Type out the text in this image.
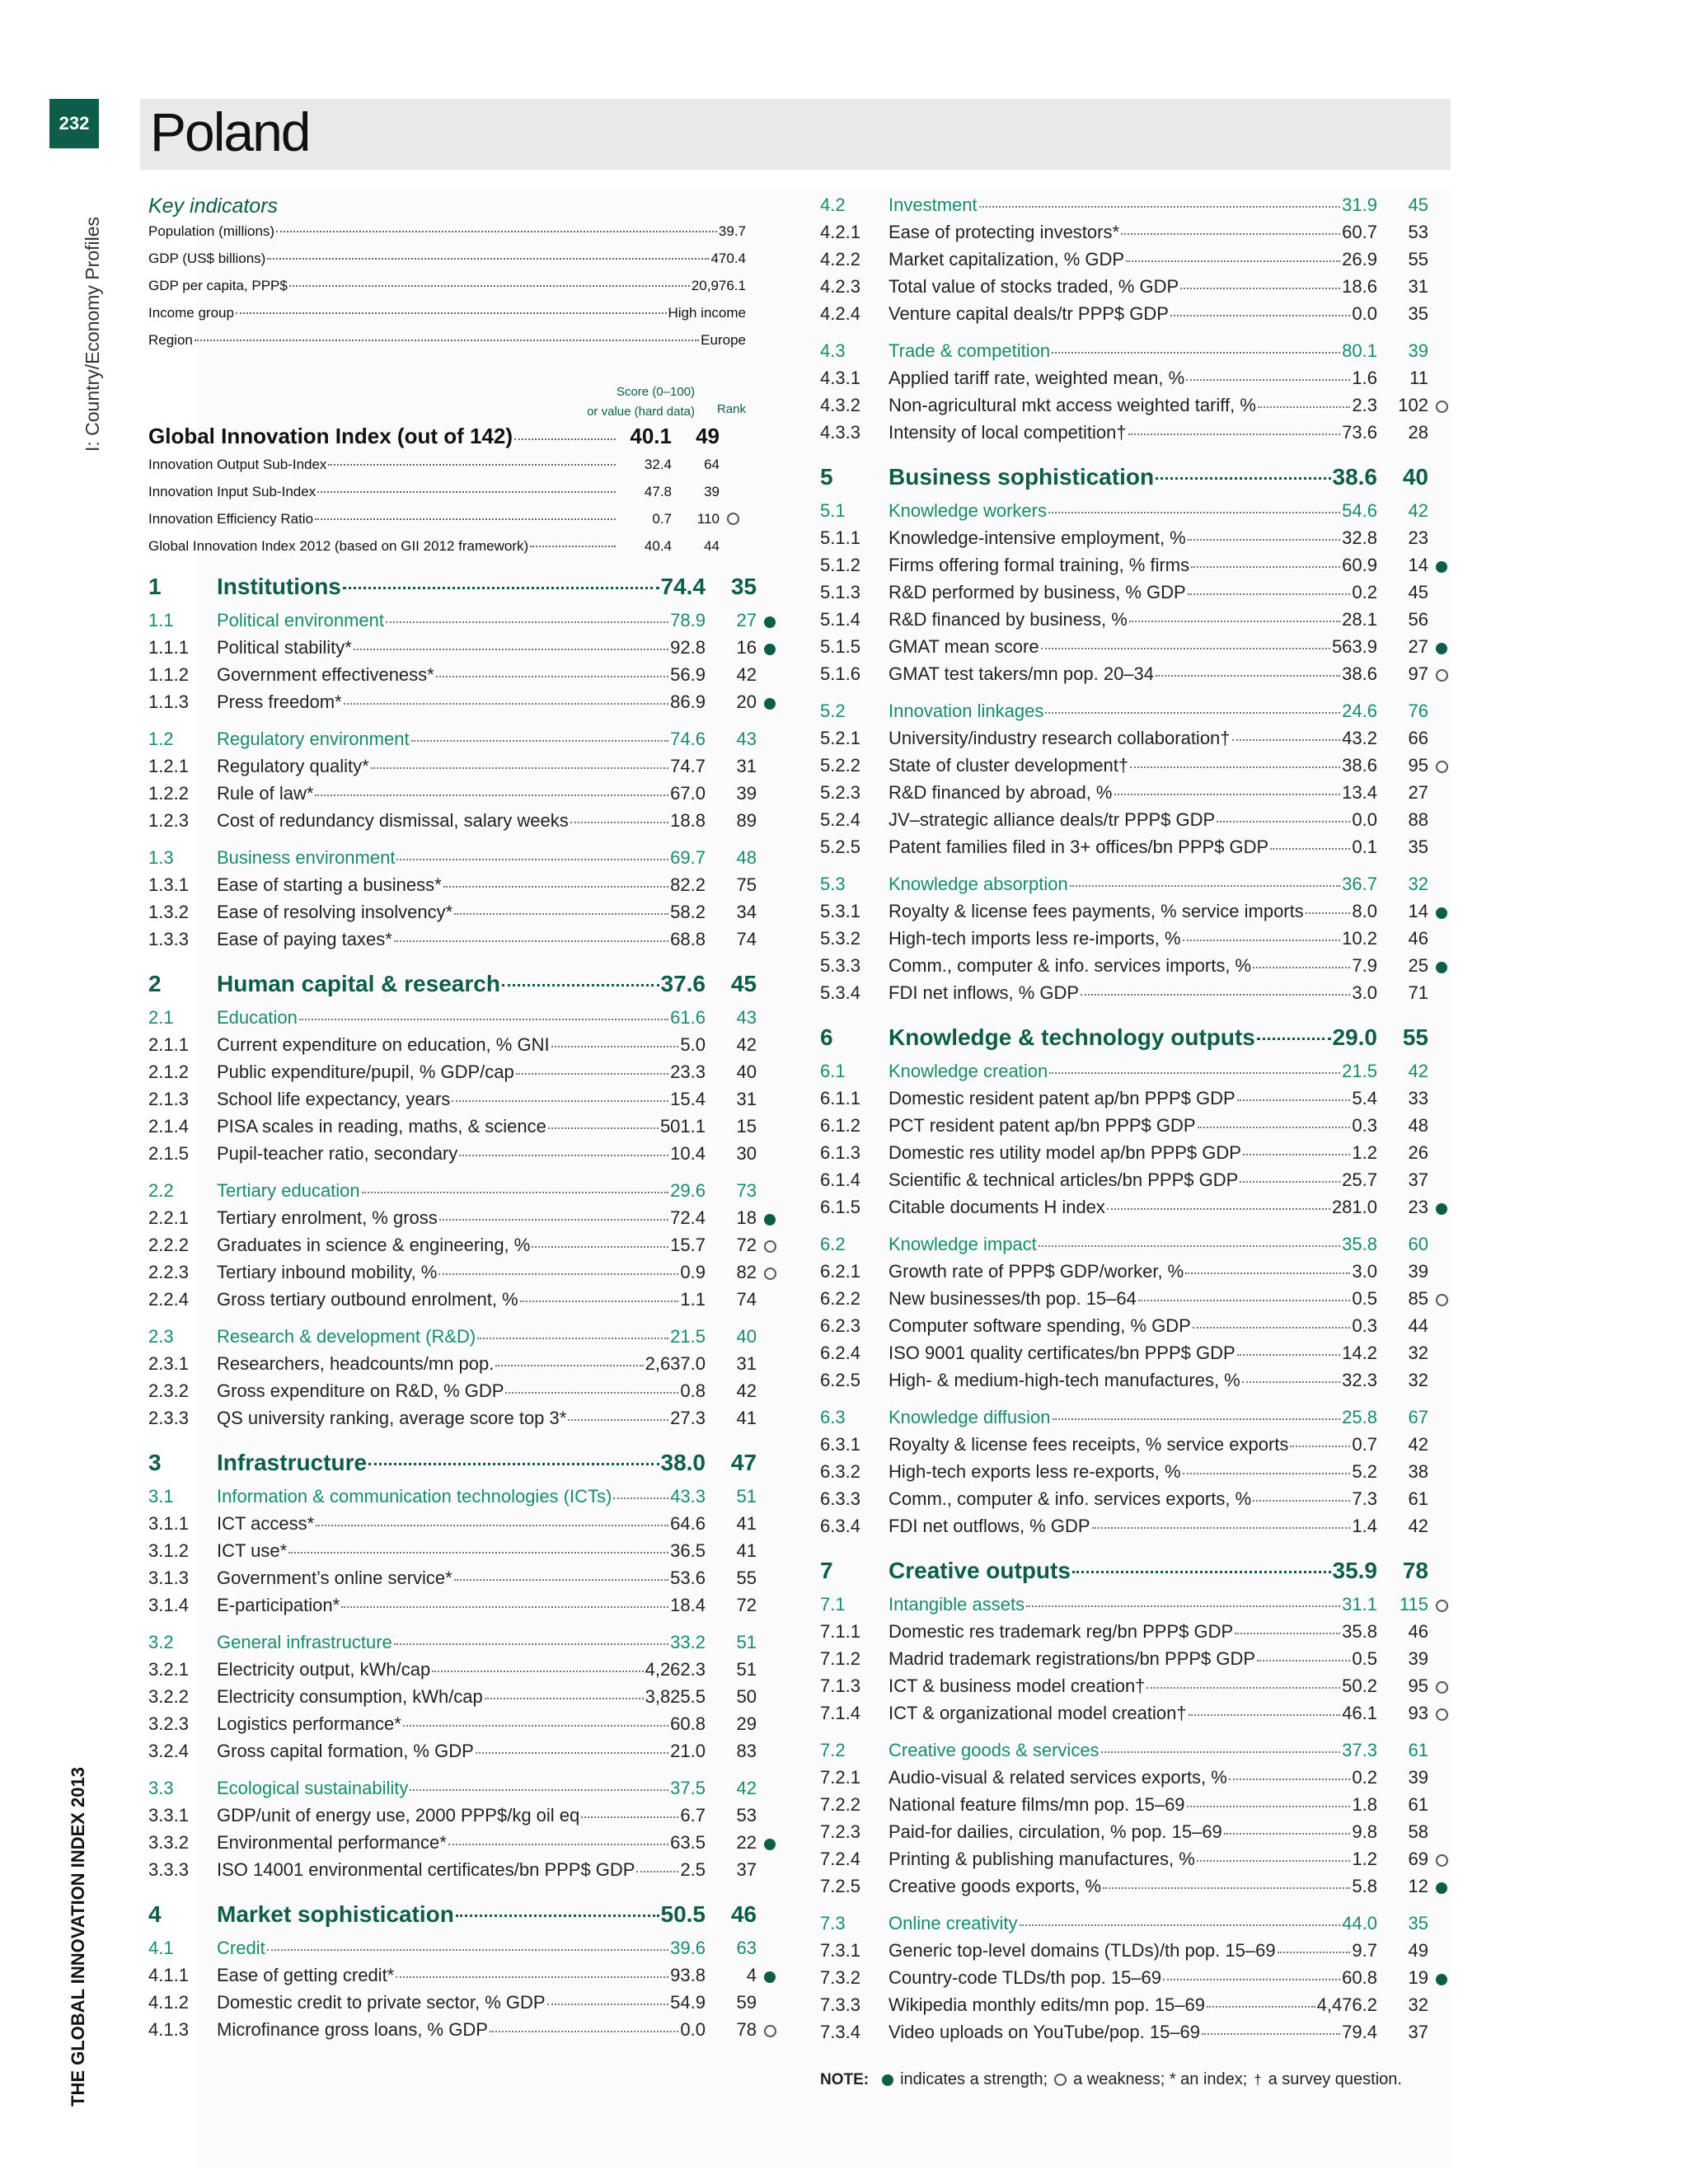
232
I: Country/Economy Profiles
THE GLOBAL INNOVATION INDEX 2013
Poland
Key indicators
Population (millions)	39.7
GDP (US$ billions)	470.4
GDP per capita, PPP$	20,976.1
Income group	High income
Region	Europe
Score (0–100)
or value (hard data) Rank
Global Innovation Index (out of 142)	40.1	49
Innovation Output Sub-Index	32.4	64
Innovation Input Sub-Index	47.8	39
Innovation Efficiency Ratio	0.7	110
Global Innovation Index 2012 (based on GII 2012 framework)	40.4	44
1	Institutions	74.4	35
1.1	Political environment	78.9	27
1.1.1	Political stability*	92.8	16
1.1.2	Government effectiveness*	56.9	42
1.1.3	Press freedom*	86.9	20
1.2	Regulatory environment	74.6	43
1.2.1	Regulatory quality*	74.7	31
1.2.2	Rule of law*	67.0	39
1.2.3	Cost of redundancy dismissal, salary weeks	18.8	89
1.3	Business environment	69.7	48
1.3.1	Ease of starting a business*	82.2	75
1.3.2	Ease of resolving insolvency*	58.2	34
1.3.3	Ease of paying taxes*	68.8	74
2	Human capital & research	37.6	45
2.1	Education	61.6	43
2.1.1	Current expenditure on education, % GNI	5.0	42
2.1.2	Public expenditure/pupil, % GDP/cap	23.3	40
2.1.3	School life expectancy, years	15.4	31
2.1.4	PISA scales in reading, maths, & science	501.1	15
2.1.5	Pupil-teacher ratio, secondary	10.4	30
2.2	Tertiary education	29.6	73
2.2.1	Tertiary enrolment, % gross	72.4	18
2.2.2	Graduates in science & engineering, %	15.7	72
2.2.3	Tertiary inbound mobility, %	0.9	82
2.2.4	Gross tertiary outbound enrolment, %	1.1	74
2.3	Research & development (R&D)	21.5	40
2.3.1	Researchers, headcounts/mn pop.	2,637.0	31
2.3.2	Gross expenditure on R&D, % GDP	0.8	42
2.3.3	QS university ranking, average score top 3*	27.3	41
3	Infrastructure	38.0	47
3.1	Information & communication technologies (ICTs)	43.3	51
3.1.1	ICT access*	64.6	41
3.1.2	ICT use*	36.5	41
3.1.3	Government’s online service*	53.6	55
3.1.4	E-participation*	18.4	72
3.2	General infrastructure	33.2	51
3.2.1	Electricity output, kWh/cap	4,262.3	51
3.2.2	Electricity consumption, kWh/cap	3,825.5	50
3.2.3	Logistics performance*	60.8	29
3.2.4	Gross capital formation, % GDP	21.0	83
3.3	Ecological sustainability	37.5	42
3.3.1	GDP/unit of energy use, 2000 PPP$/kg oil eq	6.7	53
3.3.2	Environmental performance*	63.5	22
3.3.3	ISO 14001 environmental certificates/bn PPP$ GDP 2.5	37
4	Market sophistication	50.5	46
4.1	Credit	39.6	63
4.1.1	Ease of getting credit*	93.8	4
4.1.2	Domestic credit to private sector, % GDP	54.9	59
4.1.3	Microfinance gross loans, % GDP	0.0	78
4.2	Investment	31.9	45
4.2.1	Ease of protecting investors*	60.7	53
4.2.2	Market capitalization, % GDP	26.9	55
4.2.3	Total value of stocks traded, % GDP	18.6	31
4.2.4	Venture capital deals/tr PPP$ GDP	0.0	35
4.3	Trade & competition	80.1	39
4.3.1	Applied tariff rate, weighted mean, %	1.6	11
4.3.2	Non-agricultural mkt access weighted tariff, %	2.3	102
4.3.3	Intensity of local competition†	73.6	28
5	Business sophistication	38.6	40
5.1	Knowledge workers	54.6	42
5.1.1	Knowledge-intensive employment, %	32.8	23
5.1.2	Firms offering formal training, % firms	60.9	14
5.1.3	R&D performed by business, % GDP	0.2	45
5.1.4	R&D financed by business, %	28.1	56
5.1.5	GMAT mean score	563.9	27
5.1.6	GMAT test takers/mn pop. 20–34	38.6	97
5.2	Innovation linkages	24.6	76
5.2.1	University/industry research collaboration†	43.2	66
5.2.2	State of cluster development†	38.6	95
5.2.3	R&D financed by abroad, %	13.4	27
5.2.4	JV–strategic alliance deals/tr PPP$ GDP	0.0	88
5.2.5	Patent families filed in 3+ offices/bn PPP$ GDP	0.1	35
5.3	Knowledge absorption	36.7	32
5.3.1	Royalty & license fees payments, % service imports	8.0	14
5.3.2	High-tech imports less re-imports, %	10.2	46
5.3.3	Comm., computer & info. services imports, %	7.9	25
5.3.4	FDI net inflows, % GDP	3.0	71
6	Knowledge & technology outputs	29.0	55
6.1	Knowledge creation	21.5	42
6.1.1	Domestic resident patent ap/bn PPP$ GDP	5.4	33
6.1.2	PCT resident patent ap/bn PPP$ GDP	0.3	48
6.1.3	Domestic res utility model ap/bn PPP$ GDP	1.2	26
6.1.4	Scientific & technical articles/bn PPP$ GDP	25.7	37
6.1.5	Citable documents H index	281.0	23
6.2	Knowledge impact	35.8	60
6.2.1	Growth rate of PPP$ GDP/worker, %	3.0	39
6.2.2	New businesses/th pop. 15–64	0.5	85
6.2.3	Computer software spending, % GDP	0.3	44
6.2.4	ISO 9001 quality certificates/bn PPP$ GDP	14.2	32
6.2.5	High- & medium-high-tech manufactures, %	32.3	32
6.3	Knowledge diffusion	25.8	67
6.3.1	Royalty & license fees receipts, % service exports	0.7	42
6.3.2	High-tech exports less re-exports, %	5.2	38
6.3.3	Comm., computer & info. services exports, %	7.3	61
6.3.4	FDI net outflows, % GDP	1.4	42
7	Creative outputs	35.9	78
7.1	Intangible assets	31.1	115
7.1.1	Domestic res trademark reg/bn PPP$ GDP	35.8	46
7.1.2	Madrid trademark registrations/bn PPP$ GDP	0.5	39
7.1.3	ICT & business model creation†	50.2	95
7.1.4	ICT & organizational model creation†	46.1	93
7.2	Creative goods & services	37.3	61
7.2.1	Audio-visual & related services exports, %	0.2	39
7.2.2	National feature films/mn pop. 15–69	1.8	61
7.2.3	Paid-for dailies, circulation, % pop. 15–69	9.8	58
7.2.4	Printing & publishing manufactures, %	1.2	69
7.2.5	Creative goods exports, %	5.8	12
7.3	Online creativity	44.0	35
7.3.1	Generic top-level domains (TLDs)/th pop. 15–69	9.7	49
7.3.2	Country-code TLDs/th pop. 15–69	60.8	19
7.3.3	Wikipedia monthly edits/mn pop. 15–69	4,476.2	32
7.3.4	Video uploads on YouTube/pop. 15–69	79.4	37
NOTE: indicates a strength; a weakness; * an index; † a survey question.
